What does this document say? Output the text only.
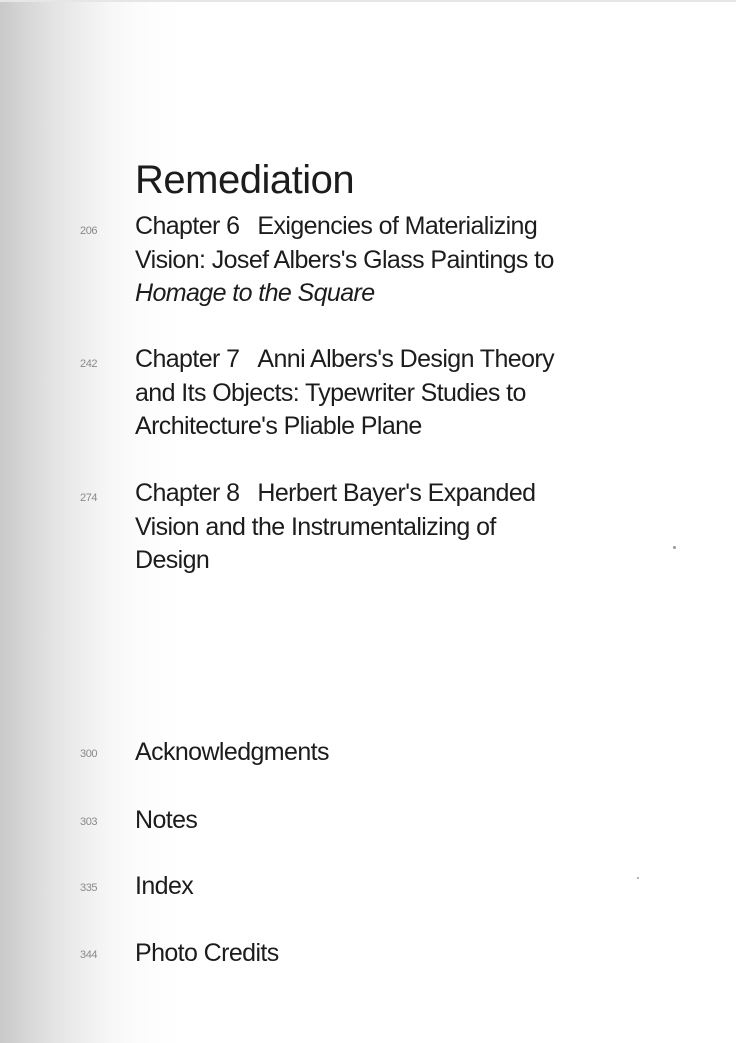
Remediation
206	Chapter 6 Exigencies of Materializing
Vision: Josef Albers's Glass Paintings to
Homage to the Square
242	Chapter 7 Anni Albers's Design Theory
and Its Objects: Typewriter Studies to
Architecture's Pliable Plane
274	Chapter 8 Herbert Bayer's Expanded
Vision and the Instrumentalizing of
Design
300	Acknowledgments
303	Notes
335	Index
344	Photo Credits
